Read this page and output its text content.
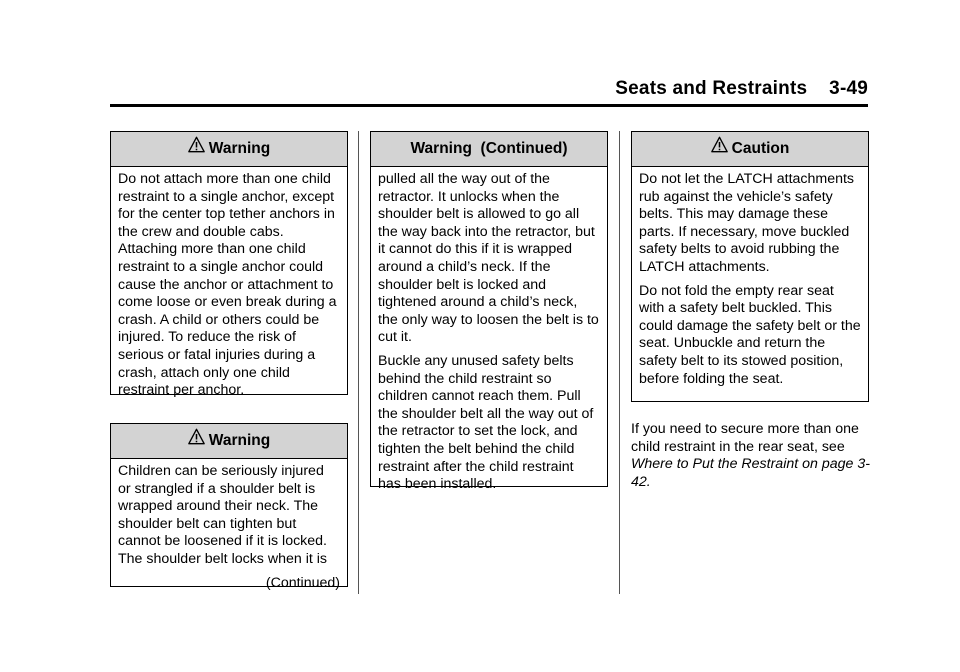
Seats and Restraints 3-49
Warning

Do not attach more than one child restraint to a single anchor, except for the center top tether anchors in the crew and double cabs. Attaching more than one child restraint to a single anchor could cause the anchor or attachment to come loose or even break during a crash. A child or others could be injured. To reduce the risk of serious or fatal injuries during a crash, attach only one child restraint per anchor.

Warning

Children can be seriously injured or strangled if a shoulder belt is wrapped around their neck. The shoulder belt can tighten but cannot be loosened if it is locked. The shoulder belt locks when it is

(Continued)

Warning  (Continued)

pulled all the way out of the retractor. It unlocks when the shoulder belt is allowed to go all the way back into the retractor, but it cannot do this if it is wrapped around a child’s neck. If the shoulder belt is locked and tightened around a child’s neck, the only way to loosen the belt is to cut it.

Buckle any unused safety belts behind the child restraint so children cannot reach them. Pull the shoulder belt all the way out of the retractor to set the lock, and tighten the belt behind the child restraint after the child restraint has been installed.

Caution

Do not let the LATCH attachments rub against the vehicle’s safety belts. This may damage these parts. If necessary, move buckled safety belts to avoid rubbing the LATCH attachments.

Do not fold the empty rear seat with a safety belt buckled. This could damage the safety belt or the seat. Unbuckle and return the safety belt to its stowed position, before folding the seat.

If you need to secure more than one child restraint in the rear seat, see Where to Put the Restraint on page 3-42.
